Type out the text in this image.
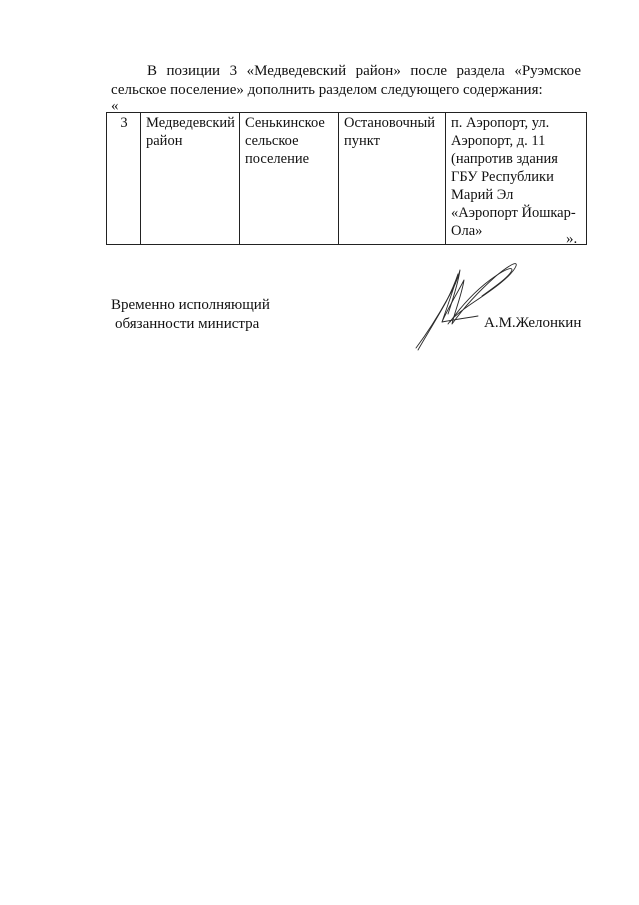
В позиции 3 «Медведевский район» после раздела «Руэмское сельское поселение» дополнить разделом следующего содержания:
«
3	Медведевский район	Сенькинское сельское поселение	Остановочный пункт	п. Аэропорт, ул. Аэропорт, д. 11 (напротив здания ГБУ Республики Марий Эл «Аэропорт Йошкар-Ола»	».
Временно исполняющий
обязанности министра	А.М.Желонкин
